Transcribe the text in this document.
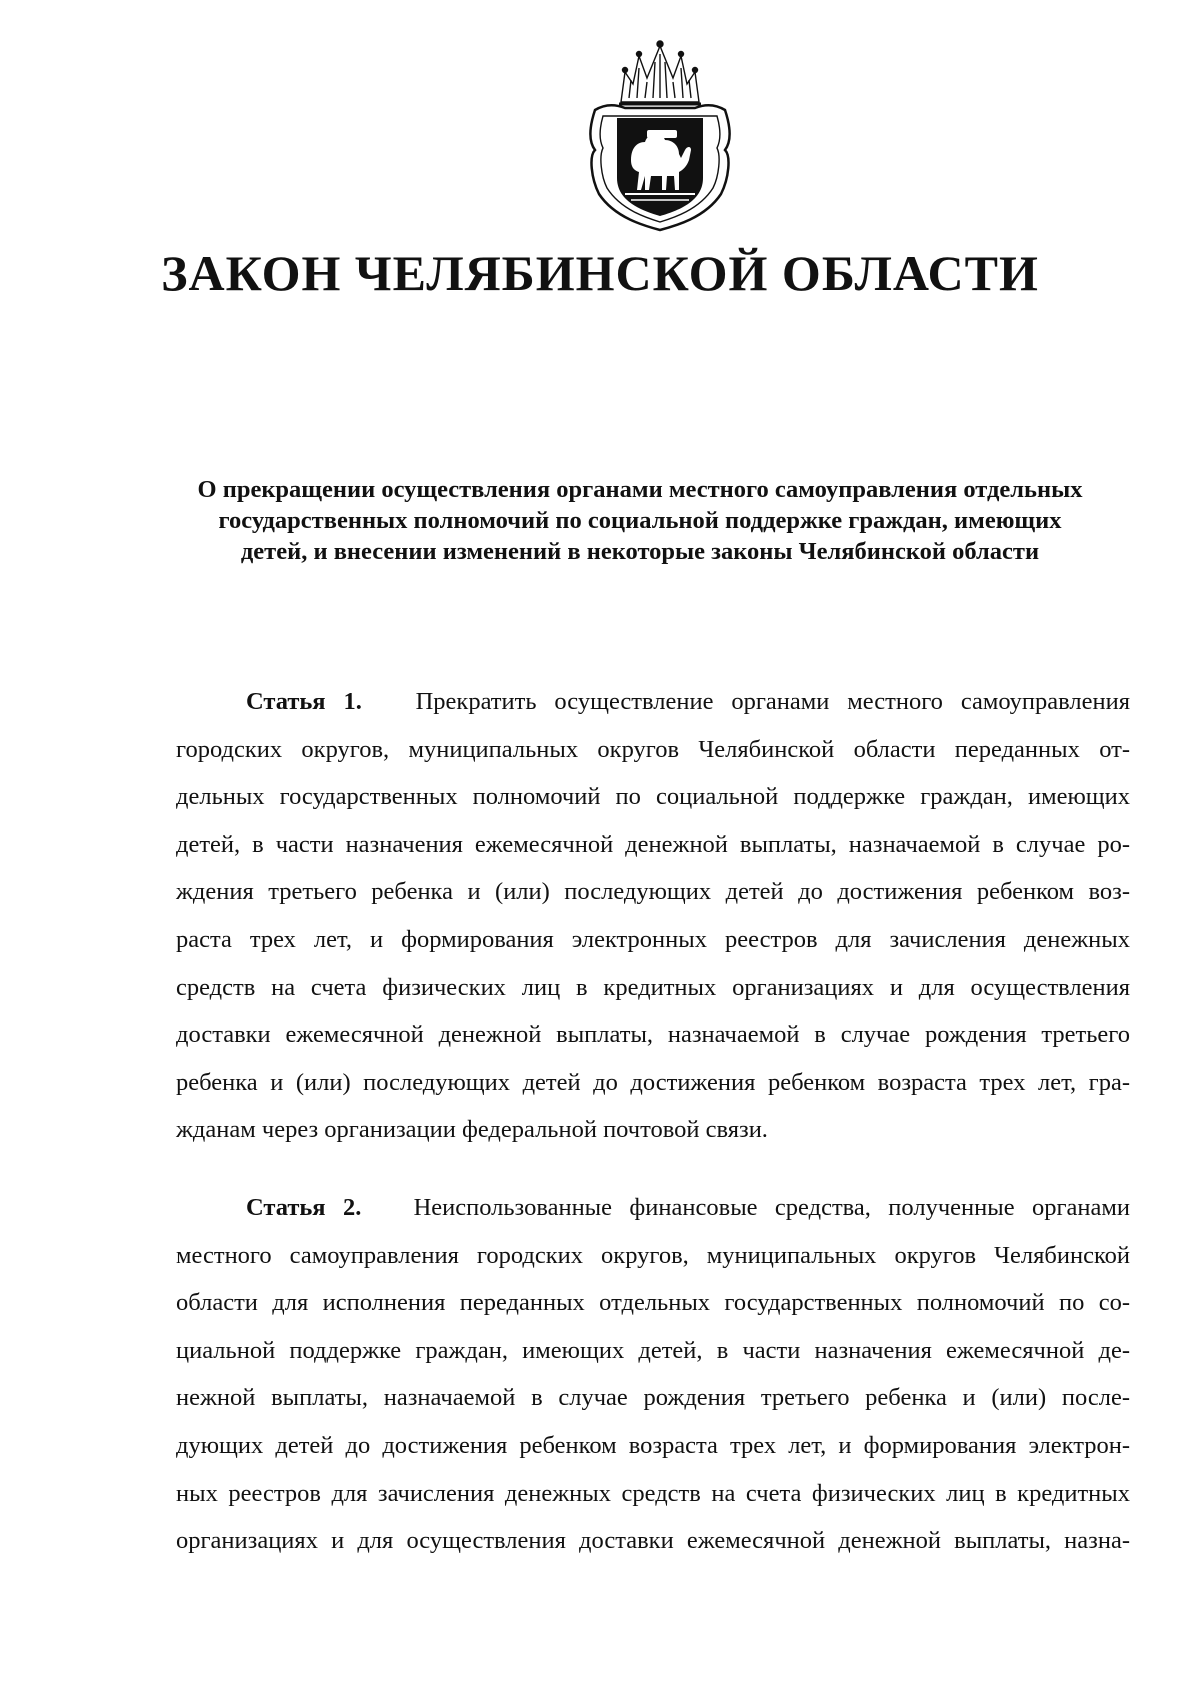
ЗАКОН ЧЕЛЯБИНСКОЙ ОБЛАСТИ
О прекращении осуществления органами местного самоуправления отдельных
государственных полномочий по социальной поддержке граждан, имеющих
детей, и внесении изменений в некоторые законы Челябинской области
Статья 1. Прекратить осуществление органами местного самоуправления
городских округов, муниципальных округов Челябинской области переданных от-
дельных государственных полномочий по социальной поддержке граждан, имеющих
детей, в части назначения ежемесячной денежной выплаты, назначаемой в случае ро-
ждения третьего ребенка и (или) последующих детей до достижения ребенком воз-
раста трех лет, и формирования электронных реестров для зачисления денежных
средств на счета физических лиц в кредитных организациях и для осуществления
доставки ежемесячной денежной выплаты, назначаемой в случае рождения третьего
ребенка и (или) последующих детей до достижения ребенком возраста трех лет, гра-
жданам через организации федеральной почтовой связи.
Статья 2. Неиспользованные финансовые средства, полученные органами
местного самоуправления городских округов, муниципальных округов Челябинской
области для исполнения переданных отдельных государственных полномочий по со-
циальной поддержке граждан, имеющих детей, в части назначения ежемесячной де-
нежной выплаты, назначаемой в случае рождения третьего ребенка и (или) после-
дующих детей до достижения ребенком возраста трех лет, и формирования электрон-
ных реестров для зачисления денежных средств на счета физических лиц в кредитных
организациях и для осуществления доставки ежемесячной денежной выплаты, назна-
